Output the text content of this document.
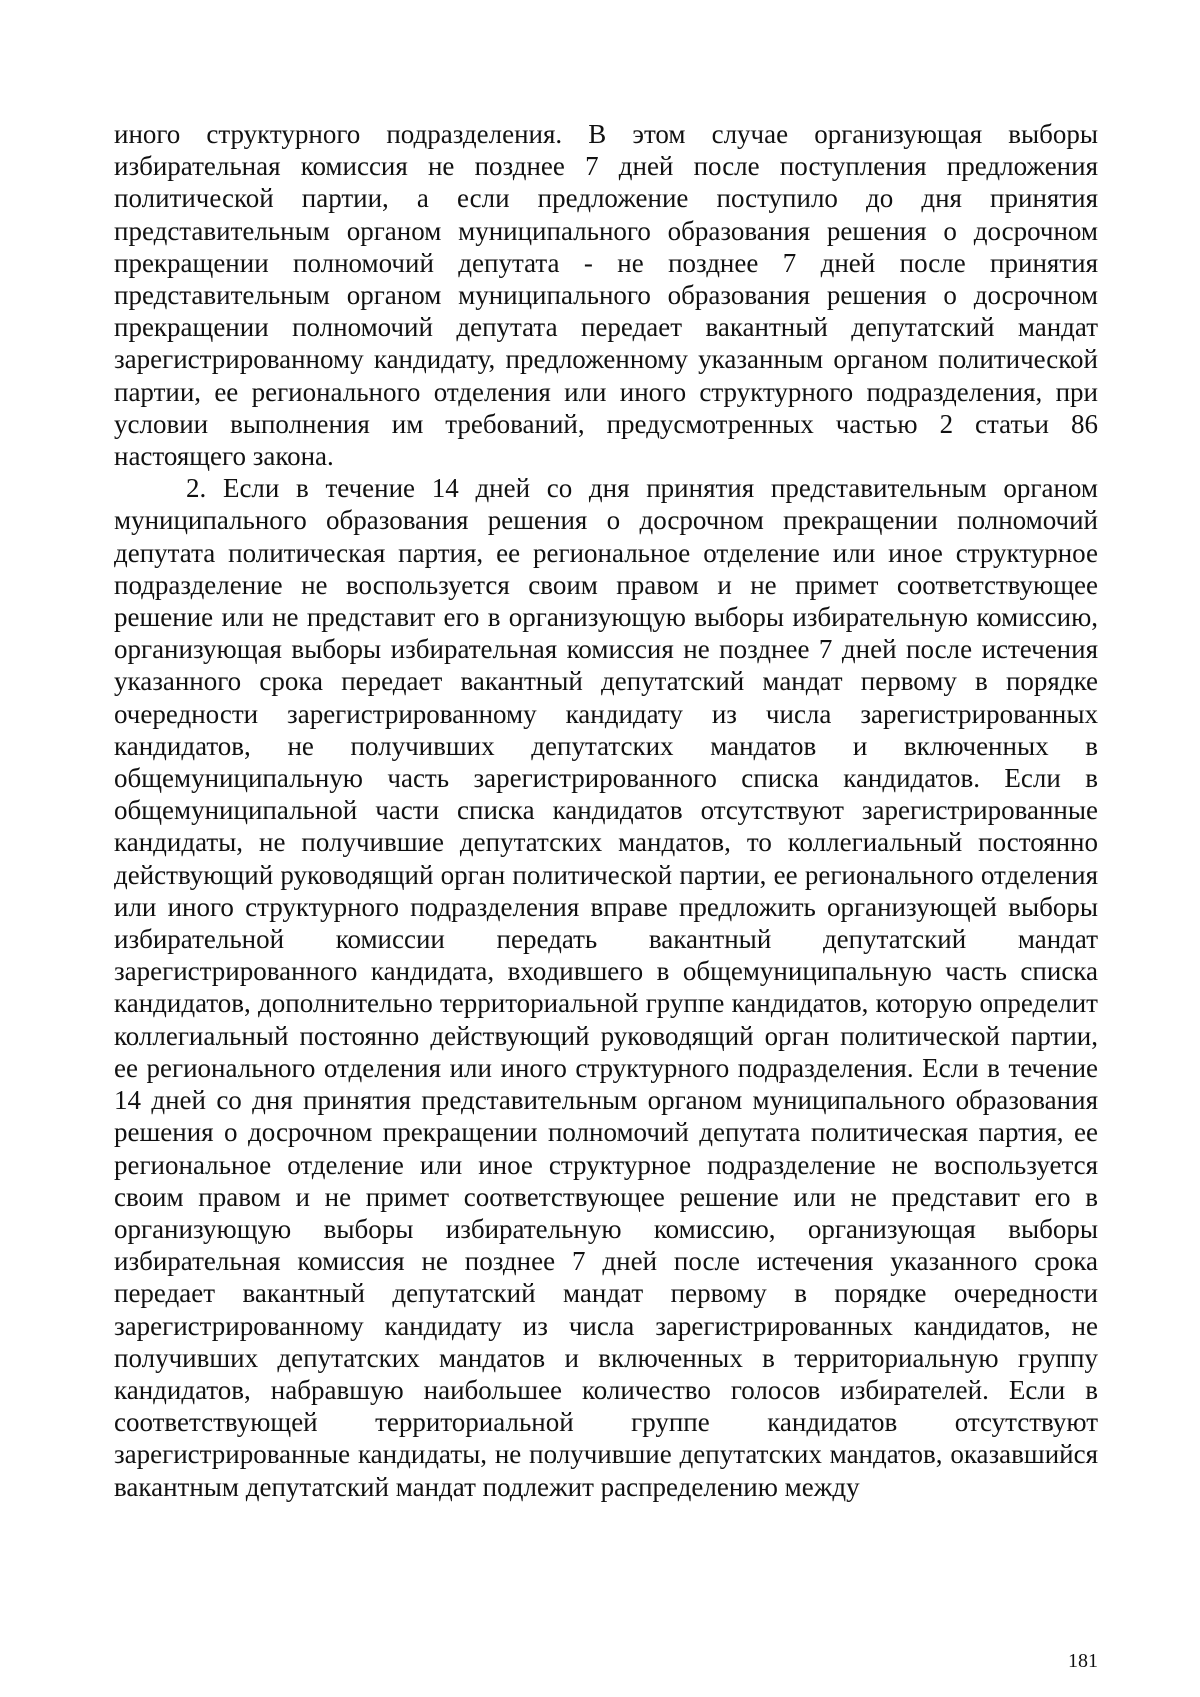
иного структурного подразделения. В этом случае организующая выборы избирательная комиссия не позднее 7 дней после поступления предложения политической партии, а если предложение поступило до дня принятия представительным органом муниципального образования решения о досрочном прекращении полномочий депутата - не позднее 7 дней после принятия представительным органом муниципального образования решения о досрочном прекращении полномочий депутата передает вакантный депутатский мандат зарегистрированному кандидату, предложенному указанным органом политической партии, ее регионального отделения или иного структурного подразделения, при условии выполнения им требований, предусмотренных частью 2 статьи 86 настоящего закона.

2. Если в течение 14 дней со дня принятия представительным органом муниципального образования решения о досрочном прекращении полномочий депутата политическая партия, ее региональное отделение или иное структурное подразделение не воспользуется своим правом и не примет соответствующее решение или не представит его в организующую выборы избирательную комиссию, организующая выборы избирательная комиссия не позднее 7 дней после истечения указанного срока передает вакантный депутатский мандат первому в порядке очередности зарегистрированному кандидату из числа зарегистрированных кандидатов, не получивших депутатских мандатов и включенных в общемуниципальную часть зарегистрированного списка кандидатов. Если в общемуниципальной части списка кандидатов отсутствуют зарегистрированные кандидаты, не получившие депутатских мандатов, то коллегиальный постоянно действующий руководящий орган политической партии, ее регионального отделения или иного структурного подразделения вправе предложить организующей выборы избирательной комиссии передать вакантный депутатский мандат зарегистрированного кандидата, входившего в общемуниципальную часть списка кандидатов, дополнительно территориальной группе кандидатов, которую определит коллегиальный постоянно действующий руководящий орган политической партии, ее регионального отделения или иного структурного подразделения. Если в течение 14 дней со дня принятия представительным органом муниципального образования решения о досрочном прекращении полномочий депутата политическая партия, ее региональное отделение или иное структурное подразделение не воспользуется своим правом и не примет соответствующее решение или не представит его в организующую выборы избирательную комиссию, организующая выборы избирательная комиссия не позднее 7 дней после истечения указанного срока передает вакантный депутатский мандат первому в порядке очередности зарегистрированному кандидату из числа зарегистрированных кандидатов, не получивших депутатских мандатов и включенных в территориальную группу кандидатов, набравшую наибольшее количество голосов избирателей. Если в соответствующей территориальной группе кандидатов отсутствуют зарегистрированные кандидаты, не получившие депутатских мандатов, оказавшийся вакантным депутатский мандат подлежит распределению между

181
